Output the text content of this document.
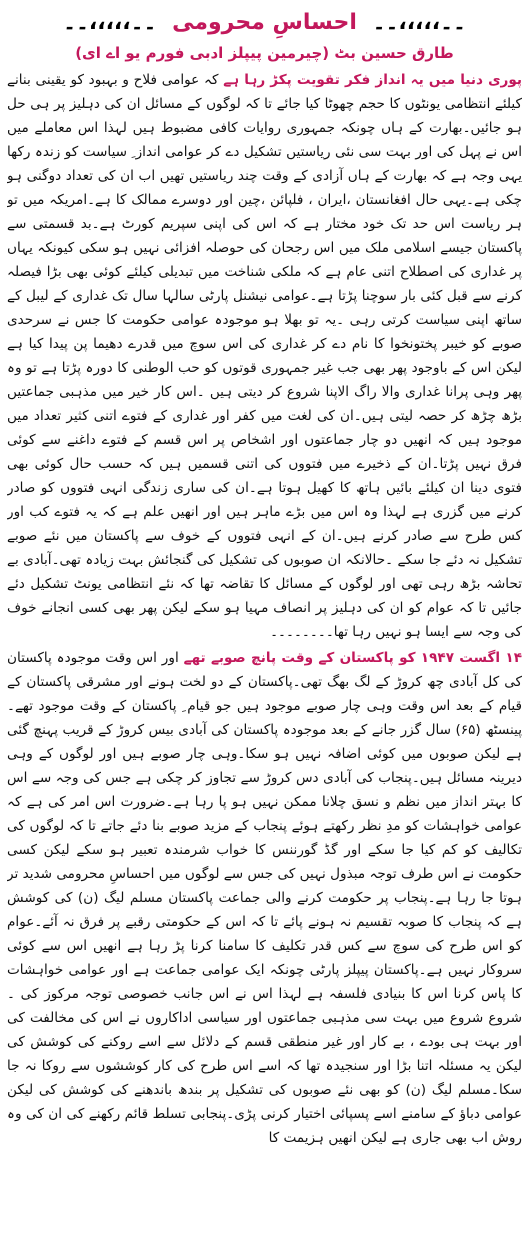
۔۔،،،،،۔۔ احساسِ محرومی ۔۔،،،،،۔۔
طارق حسین بٹ (چیرمین پیپلز ادبی فورم یو اے ای)

پوری دنیا میں یہ انداز فکر تقویت پکڑ رہا ہے کہ عوامی فلاح و بہبود کو یقینی بنانے کیلئے انتظامی یونٹوں کا حجم چھوٹا کیا جائے تا کہ لوگوں کے مسائل ان کی دہلیز پر ہی حل ہو جائیں۔بھارت کے ہاں چونکہ جمہوری روایات کافی مضبوط ہیں لہذا اس معاملے میں اس نے پہل کی اور بہت سی نئی ریاستیں تشکیل دے کر عوامی انداز ِ سیاست کو زندہ رکھا یہی وجہ ہے کہ بھارت کے ہاں آزادی کے وقت چند ریاستیں تھیں اب ان کی تعداد دوگنی ہو چکی ہے۔یہی حال افغانستان ،ایران ، فلپائن ،چین اور دوسرے ممالک کا ہے۔امریکہ میں تو ہر ریاست اس حد تک خود مختار ہے کہ اس کی اپنی سپریم کورٹ ہے۔بد قسمتی سے پاکستان جیسے اسلامی ملک میں اس رجحان کی حوصلہ افزائی نہیں ہو سکی کیونکہ یہاں پر غداری کی اصطلاح اتنی عام ہے کہ ملکی شناخت میں تبدیلی کیلئے کوئی بھی بڑا فیصلہ کرنے سے قبل کئی بار سوچنا پڑتا ہے۔عوامی نیشنل پارٹی سالہا سال تک غداری کے لیبل کے ساتھ اپنی سیاست کرتی رہی ۔یہ تو بھلا ہو موجودہ عوامی حکومت کا جس نے سرحدی صوبے کو خیبر پختونخوا کا نام دے کر غداری کی اس سوچ میں قدرے دھیما پن پیدا کیا ہے لیکن اس کے باوجود پھر بھی جب غیر جمہوری قوتوں کو حب الوطنی کا دورہ پڑتا ہے تو وہ پھر وہی پرانا غداری والا راگ الاپنا شروع کر دیتی ہیں ۔اس کار خیر میں مذہبی جماعتیں بڑھ چڑھ کر حصہ لیتی ہیں۔ان کی لغت میں کفر اور غداری کے فتوے اتنی کثیر تعداد میں موجود ہیں کہ انھیں دو چار جماعتوں اور اشخاص پر اس قسم کے فتوے داغنے سے کوئی فرق نہیں پڑتا۔ان کے ذخیرے میں فتووں کی اتنی قسمیں ہیں کہ حسب حال کوئی بھی فتوی دینا ان کیلئے بائیں ہاتھ کا کھیل ہوتا ہے۔ان کی ساری زندگی انہی فتووں کو صادر کرنے میں گزری ہے لہذا وہ اس میں بڑے ماہر ہیں اور انھیں علم ہے کہ یہ فتوے کب اور کس طرح سے صادر کرنے ہیں۔ان کے انہی فتووں کے خوف سے پاکستان میں نئے صوبے تشکیل نہ دئے جا سکے ۔حالانکہ ان صوبوں کی تشکیل کی گنجائش بہت زیادہ تھی۔آبادی بے تحاشہ بڑھ رہی تھی اور لوگوں کے مسائل کا تقاضہ تھا کہ نئے انتظامی یونٹ تشکیل دئے جائیں تا کہ عوام کو ان کی دہلیز پر انصاف مہیا ہو سکے لیکن پھر بھی کسی انجانے خوف کی وجہ سے ایسا ہو نہیں رہا تھا۔۔۔۔۔۔۔۔

۱۴ اگست ۱۹۴۷ کو پاکستان کے وقت پانچ صوبے تھے اور اس وقت موجودہ پاکستان کی کل آبادی چھ کروڑ کے لگ بھگ تھی۔پاکستان کے دو لخت ہونے اور مشرقی پاکستان کے قیام کے بعد اس وقت وہی چار صوبے موجود ہیں جو قیام ِ پاکستان کے وقت موجود تھے۔پینسٹھ (۶۵) سال گزر جانے کے بعد موجودہ پاکستان کی آبادی بیس کروڑ کے قریب پہنچ گئی ہے لیکن صوبوں میں کوئی اضافہ نہیں ہو سکا۔وہی چار صوبے ہیں اور لوگوں کے وہی دیرینہ مسائل ہیں۔پنجاب کی آبادی دس کروڑ سے تجاوز کر چکی ہے جس کی وجہ سے اس کا بہتر انداز میں نظم و نسق چلانا ممکن نہیں ہو پا رہا ہے۔ضرورت اس امر کی ہے کہ عوامی خواہشات کو مدِ نظر رکھتے ہوئے پنجاب کے مزید صوبے بنا دئے جاتے تا کہ لوگوں کی تکالیف کو کم کیا جا سکے اور گڈ گورننس کا خواب شرمندہ تعبیر ہو سکے لیکن کسی حکومت نے اس طرف توجہ مبذول نہیں کی جس سے لوگوں میں احساسِ محرومی شدید تر ہوتا جا رہا ہے۔پنجاب پر حکومت کرنے والی جماعت پاکستان مسلم لیگ (ن) کی کوشش ہے کہ پنجاب کا صوبہ تقسیم نہ ہونے پائے تا کہ اس کے حکومتی رقبے پر فرق نہ آئے۔عوام کو اس طرح کی سوچ سے کس قدر تکلیف کا سامنا کرنا پڑ رہا ہے انھیں اس سے کوئی سروکار نہیں ہے۔پاکستان پیپلز پارٹی چونکہ ایک عوامی جماعت ہے اور عوامی خواہشات کا پاس کرنا اس کا بنیادی فلسفہ ہے لہذا اس نے اس جانب خصوصی توجہ مرکوز کی ۔شروع شروع میں بہت سی مذہبی جماعتوں اور سیاسی اداکاروں نے اس کی مخالفت کی اور بہت ہی بودے ، بے کار اور غیر منطقی قسم کے دلائل سے اسے روکنے کی کوشش کی لیکن یہ مسئلہ اتنا بڑا اور سنجیدہ تھا کہ اسے اس طرح کی کار کوششوں سے روکا نہ جا سکا۔مسلم لیگ (ن) کو بھی نئے صوبوں کی تشکیل پر بندھ باندھنے کی کوشش کی لیکن عوامی دباؤ کے سامنے اسے پسپائی اختیار کرنی پڑی۔پنجابی تسلط قائم رکھنے کی ان کی وہ روش اب بھی جاری ہے لیکن انھیں ہزیمت کا
